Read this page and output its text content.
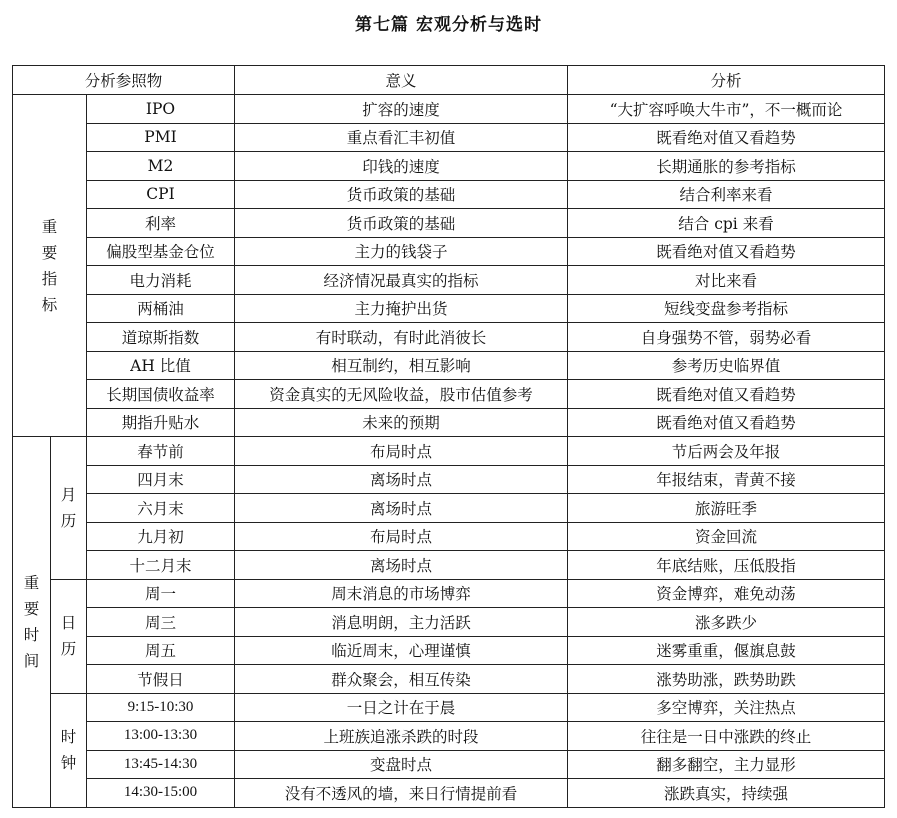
第七篇 宏观分析与选时
分析参照物			意义	分析

重
要
指
标		IPO	扩容的速度	“大扩容呼唤大牛市”，不一概而论
		PMI	重点看汇丰初值	既看绝对值又看趋势
		M2	印钱的速度	长期通胀的参考指标
		CPI	货币政策的基础	结合利率来看
		利率	货币政策的基础	结合 cpi 来看
		偏股型基金仓位	主力的钱袋子	既看绝对值又看趋势
		电力消耗	经济情况最真实的指标	对比来看
		两桶油	主力掩护出货	短线变盘参考指标
		道琼斯指数	有时联动，有时此消彼长	自身强势不管，弱势必看
		AH 比值	相互制约，相互影响	参考历史临界值
		长期国债收益率	资金真实的无风险收益，股市估值参考	既看绝对值又看趋势
		期指升贴水	未来的预期	既看绝对值又看趋势

重
要
时
间	月
历	春节前	布局时点	节后两会及年报
		四月末	离场时点	年报结束，青黄不接
		六月末	离场时点	旅游旺季
		九月初	布局时点	资金回流
		十二月末	离场时点	年底结账，压低股指

	日
历	周一	周末消息的市场博弈	资金博弈，难免动荡
		周三	消息明朗，主力活跃	涨多跌少
		周五	临近周末，心理谨慎	迷雾重重，偃旗息鼓
		节假日	群众聚会，相互传染	涨势助涨，跌势助跌

	时
钟	9:15-10:30	一日之计在于晨	多空博弈，关注热点
		13:00-13:30	上班族追涨杀跌的时段	往往是一日中涨跌的终止
		13:45-14:30	变盘时点	翻多翻空，主力显形
		14:30-15:00	没有不透风的墙，来日行情提前看	涨跌真实，持续强
